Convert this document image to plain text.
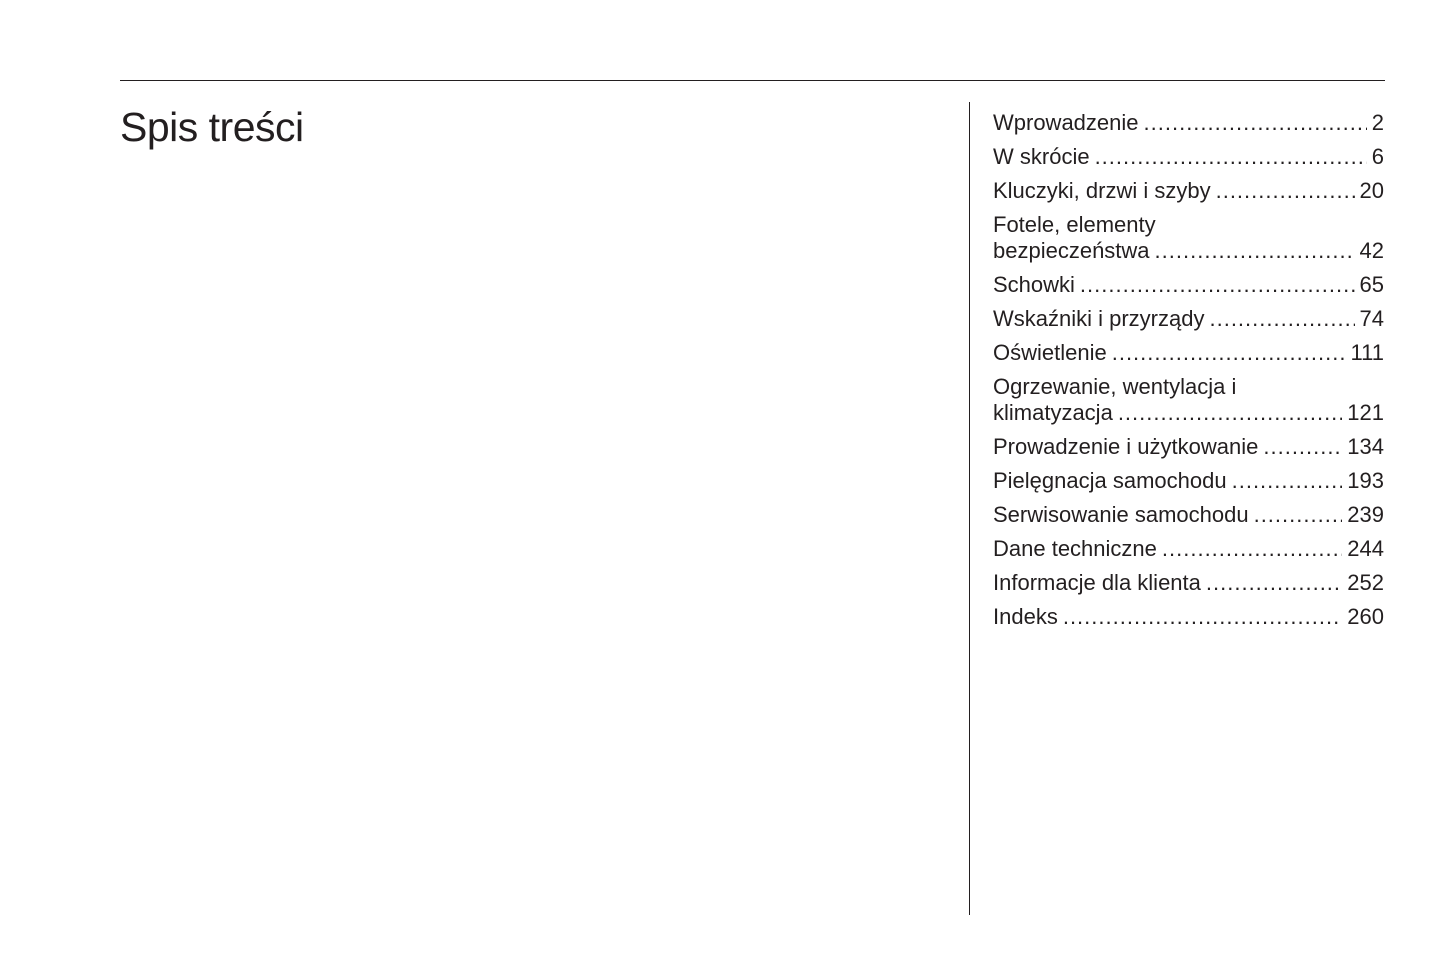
Spis treści	Wprowadzenie .....	2
W skrócie .....	6
Kluczyki, drzwi i szyby .....	20
Fotele, elementy
bezpieczeństwa .....	42
Schowki .....	65
Wskaźniki i przyrządy .....	74
Oświetlenie .....	111
Ogrzewanie, wentylacja i
klimatyzacja .....	121
Prowadzenie i użytkowanie .....	134
Pielęgnacja samochodu .....	193
Serwisowanie samochodu .....	239
Dane techniczne .....	244
Informacje dla klienta .....	252
Indeks .....	260
